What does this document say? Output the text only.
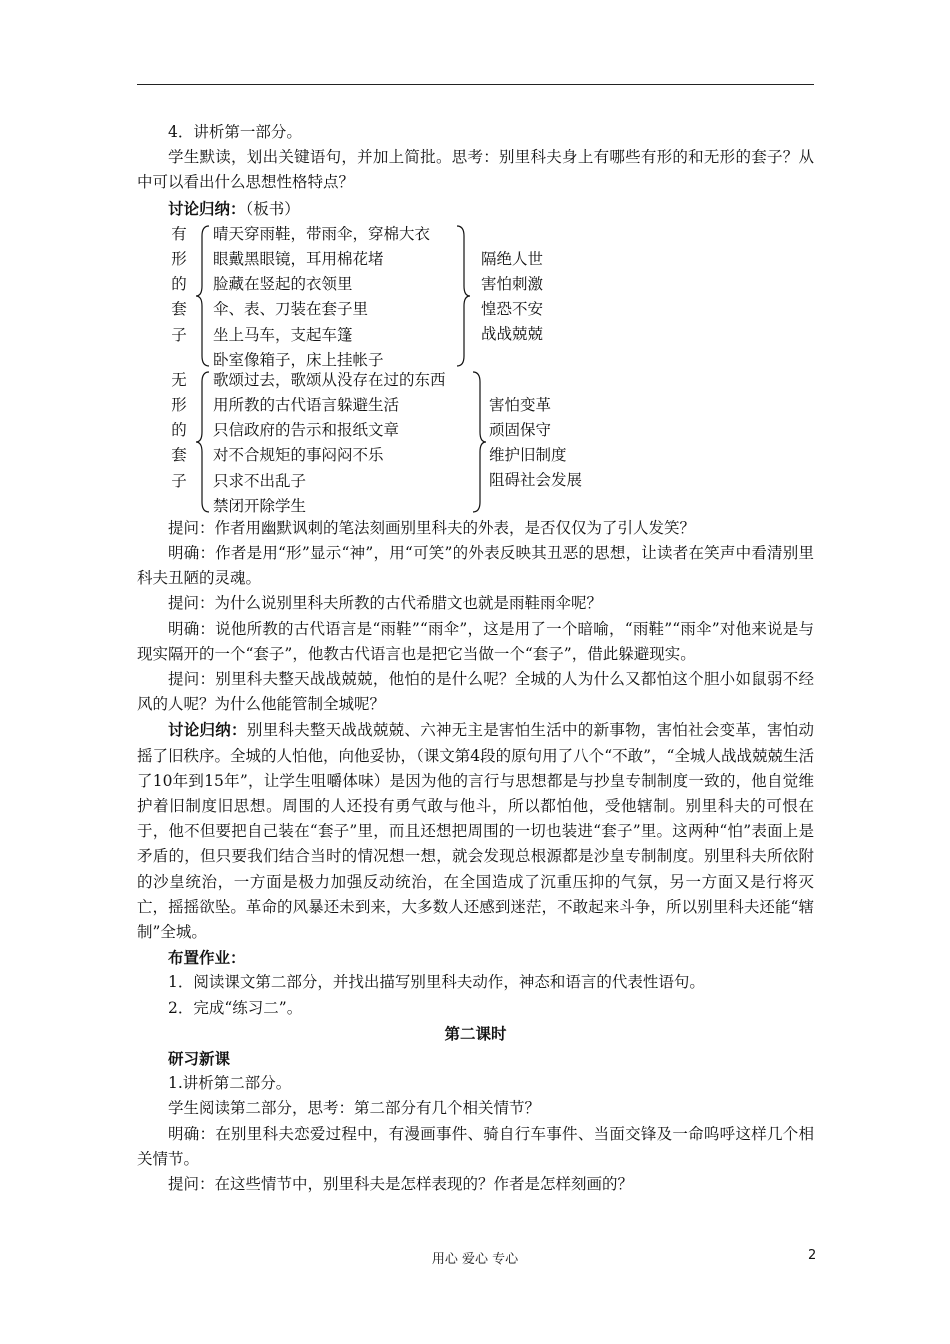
4．讲析第一部分。

学生默读，划出关键语句，并加上简批。思考：别里科夫身上有哪些有形的和无形的套子？从中可以看出什么思想性格特点？

讨论归纳：（板书）

有
形
的
套
子
晴天穿雨鞋，带雨伞，穿棉大衣
眼戴黑眼镜，耳用棉花堵
脸藏在竖起的衣领里
伞、表、刀装在套子里
坐上马车，支起车篷
卧室像箱子，床上挂帐子
隔绝人世
害怕刺激
惶恐不安
战战兢兢
无
形
的
套
子
歌颂过去，歌颂从没存在过的东西
用所教的古代语言躲避生活
只信政府的告示和报纸文章
对不合规矩的事闷闷不乐
只求不出乱子
禁闭开除学生
害怕变革
顽固保守
维护旧制度
阻碍社会发展

提问：作者用幽默讽刺的笔法刻画别里科夫的外表，是否仅仅为了引人发笑？

明确：作者是用“形”显示“神”，用“可笑”的外表反映其丑恶的思想，让读者在笑声中看清别里科夫丑陋的灵魂。

提问：为什么说别里科夫所教的古代希腊文也就是雨鞋雨伞呢？

明确：说他所教的古代语言是“雨鞋”“雨伞”，这是用了一个暗喻，“雨鞋”“雨伞”对他来说是与现实隔开的一个“套子”，他教古代语言也是把它当做一个“套子”，借此躲避现实。

提问：别里科夫整天战战兢兢，他怕的是什么呢？全城的人为什么又都怕这个胆小如鼠弱不经风的人呢？为什么他能管制全城呢？

讨论归纳：别里科夫整天战战兢兢、六神无主是害怕生活中的新事物，害怕社会变革，害怕动摇了旧秩序。全城的人怕他，向他妥协，（课文第4段的原句用了八个“不敢”，“全城人战战兢兢生活了10年到15年”，让学生咀嚼体味）是因为他的言行与思想都是与抄皇专制制度一致的，他自觉维护着旧制度旧思想。周围的人还投有勇气敢与他斗，所以都怕他，受他辖制。别里科夫的可恨在于，他不但要把自己装在“套子”里，而且还想把周围的一切也装进“套子”里。这两种“怕”表面上是矛盾的，但只要我们结合当时的情况想一想，就会发现总根源都是沙皇专制制度。别里科夫所依附的沙皇统治，一方面是极力加强反动统治，在全国造成了沉重压抑的气氛，另一方面又是行将灭亡，摇摇欲坠。革命的风暴还未到来，大多数人还感到迷茫，不敢起来斗争，所以别里科夫还能“辖制”全城。

布置作业：

1．阅读课文第二部分，并找出描写别里科夫动作，神态和语言的代表性语句。

2．完成“练习二”。

第二课时

研习新课

1.讲析第二部分。

学生阅读第二部分，思考：第二部分有几个相关情节？

明确：在别里科夫恋爱过程中，有漫画事件、骑自行车事件、当面交锋及一命呜呼这样几个相关情节。

提问：在这些情节中，别里科夫是怎样表现的？作者是怎样刻画的？

用心 爱心 专心	2
